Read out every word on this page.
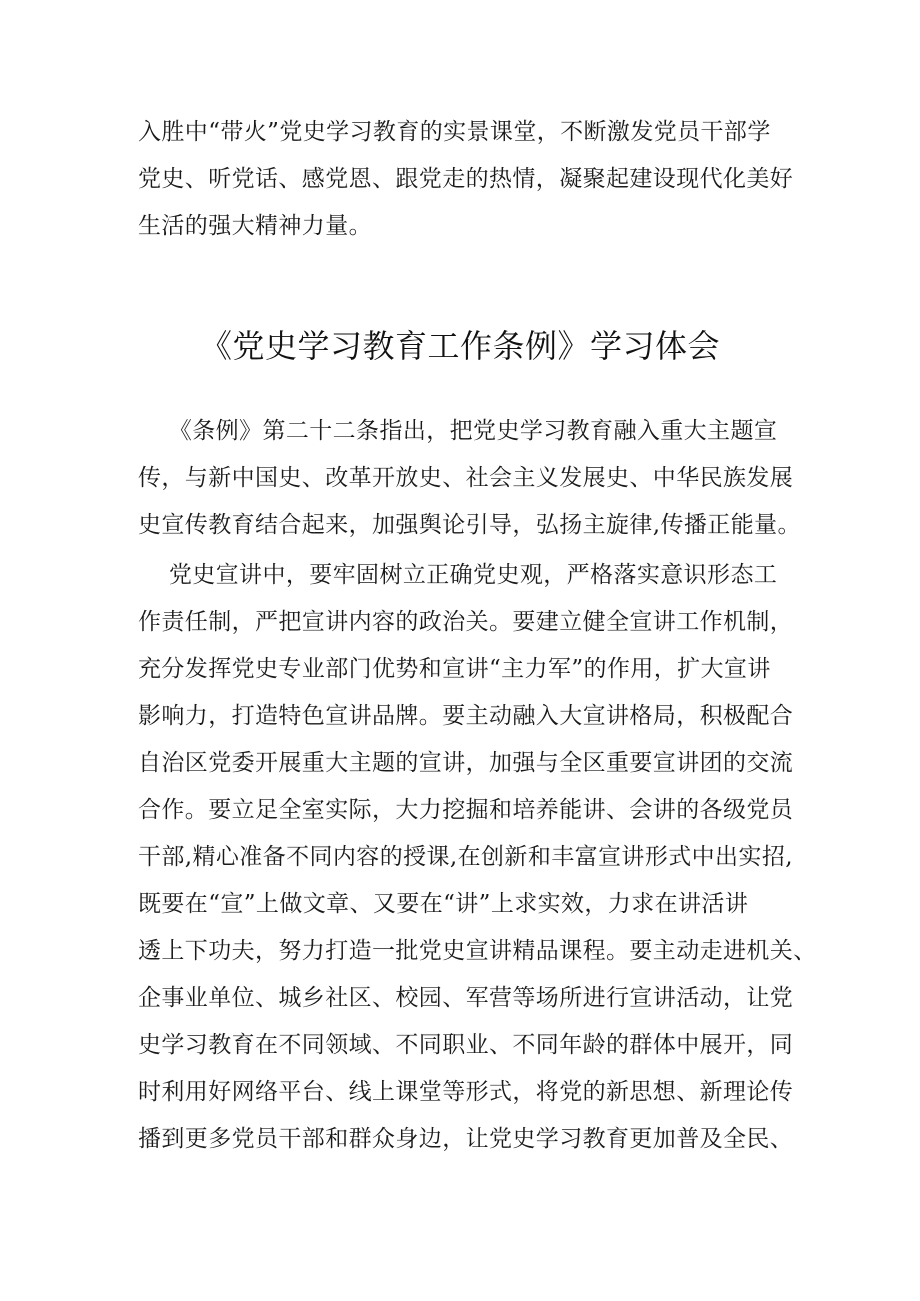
入胜中“带火”党史学习教育的实景课堂，不断激发党员干部学
党史、听党话、感党恩、跟党走的热情，凝聚起建设现代化美好
生活的强大精神力量。
《党史学习教育工作条例》学习体会
《条例》第二十二条指出，把党史学习教育融入重大主题宣
传，与新中国史、改革开放史、社会主义发展史、中华民族发展
史宣传教育结合起来，加强舆论引导，弘扬主旋律,传播正能量。
党史宣讲中，要牢固树立正确党史观，严格落实意识形态工
作责任制，严把宣讲内容的政治关。要建立健全宣讲工作机制，
充分发挥党史专业部门优势和宣讲“主力军”的作用，扩大宣讲
影响力，打造特色宣讲品牌。要主动融入大宣讲格局，积极配合
自治区党委开展重大主题的宣讲，加强与全区重要宣讲团的交流
合作。要立足全室实际，大力挖掘和培养能讲、会讲的各级党员
干部,精心准备不同内容的授课,在创新和丰富宣讲形式中出实招,
既要在“宣”上做文章、又要在“讲”上求实效，力求在讲活讲
透上下功夫，努力打造一批党史宣讲精品课程。要主动走进机关、
企事业单位、城乡社区、校园、军营等场所进行宣讲活动，让党
史学习教育在不同领域、不同职业、不同年龄的群体中展开，同
时利用好网络平台、线上课堂等形式，将党的新思想、新理论传
播到更多党员干部和群众身边，让党史学习教育更加普及全民、
